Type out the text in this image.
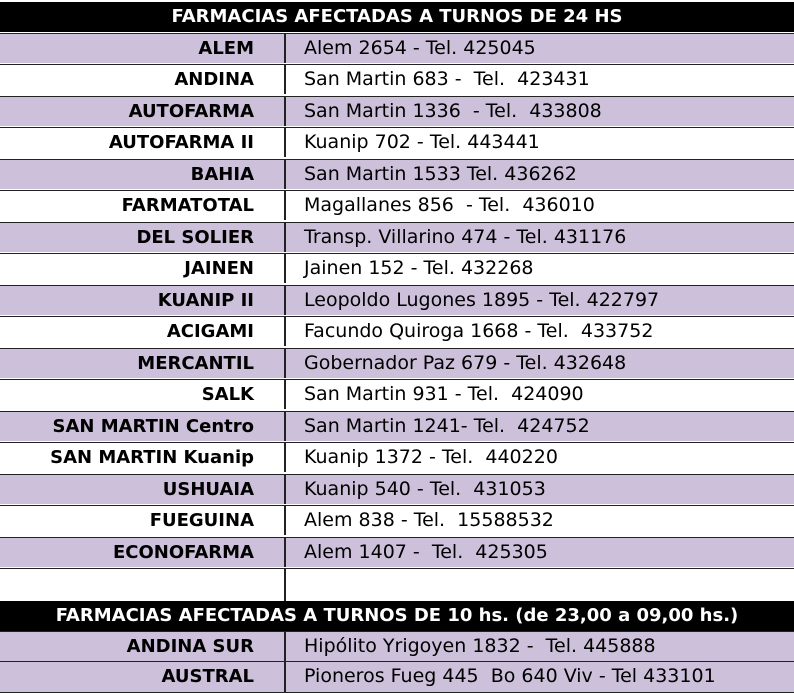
FARMACIAS AFECTADAS A TURNOS DE 24 HS
ALEM	Alem 2654 - Tel. 425045
ANDINA	San Martin 683 -  Tel.  423431
AUTOFARMA	San Martin 1336  - Tel.  433808
AUTOFARMA II	Kuanip 702 - Tel. 443441
BAHIA	San Martin 1533 Tel. 436262
FARMATOTAL	Magallanes 856  - Tel.  436010
DEL SOLIER	Transp. Villarino 474 - Tel. 431176
JAINEN	Jainen 152 - Tel. 432268
KUANIP II	Leopoldo Lugones 1895 - Tel. 422797
ACIGAMI	Facundo Quiroga 1668 - Tel.  433752
MERCANTIL	Gobernador Paz 679 - Tel. 432648
SALK	San Martin 931 - Tel.  424090
SAN MARTIN Centro	San Martin 1241- Tel.  424752
SAN MARTIN Kuanip	Kuanip 1372 - Tel.  440220
USHUAIA	Kuanip 540 - Tel.  431053
FUEGUINA	Alem 838 - Tel.  15588532
ECONOFARMA	Alem 1407 -  Tel.  425305
FARMACIAS AFECTADAS A TURNOS DE 10 hs. (de 23,00 a 09,00 hs.)
ANDINA SUR	Hipólito Yrigoyen 1832 -  Tel. 445888
AUSTRAL	Pioneros Fueg 445  Bo 640 Viv - Tel 433101
